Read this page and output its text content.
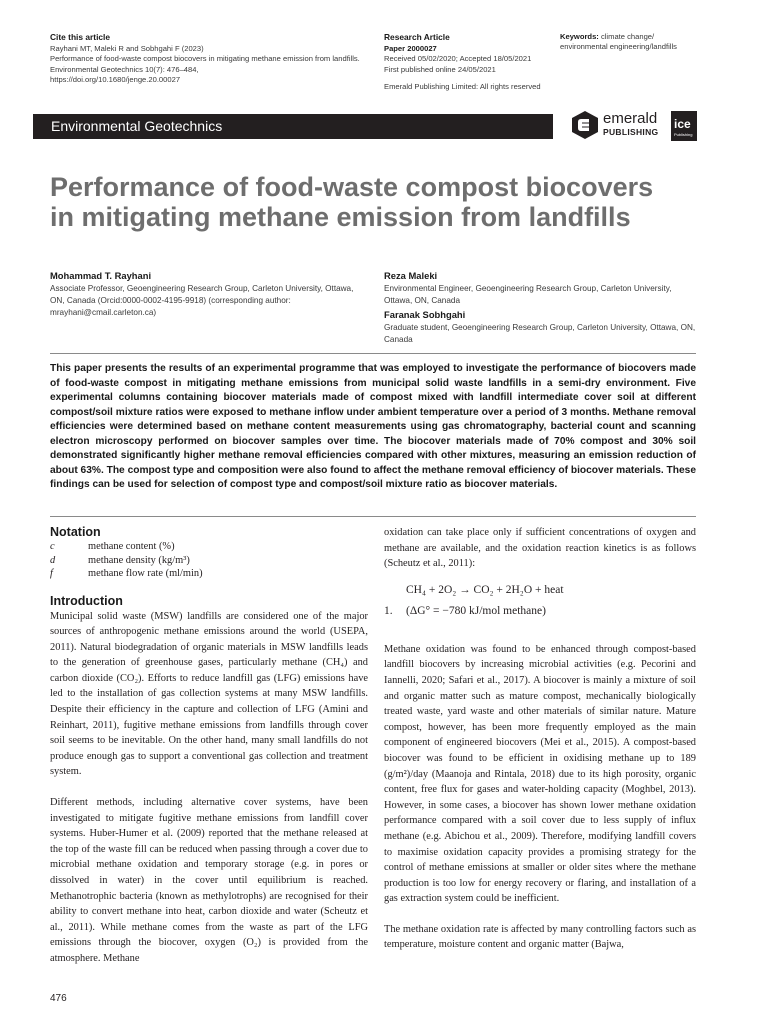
Cite this article
Rayhani MT, Maleki R and Sobhgahi F (2023)
Performance of food-waste compost biocovers in mitigating methane emission from landfills.
Environmental Geotechnics 10(7): 476–484,
https://doi.org/10.1680/jenge.20.00027
Research Article
Paper 2000027
Received 05/02/2020; Accepted 18/05/2021
First published online 24/05/2021
Emerald Publishing Limited: All rights reserved
Keywords: climate change/
environmental engineering/landfills
Environmental Geotechnics	emerald
PUBLISHING
ice
Publishing
Performance of food-waste compost biocovers in mitigating methane emission from landfills
Mohammad T. Rayhani
Associate Professor, Geoengineering Research Group, Carleton University, Ottawa, ON, Canada (Orcid:0000-0002-4195-9918) (corresponding author: mrayhani@cmail.carleton.ca)
Reza Maleki
Environmental Engineer, Geoengineering Research Group, Carleton University, Ottawa, ON, Canada
Faranak Sobhgahi
Graduate student, Geoengineering Research Group, Carleton University, Ottawa, ON, Canada
This paper presents the results of an experimental programme that was employed to investigate the performance of biocovers made of food-waste compost in mitigating methane emissions from municipal solid waste landfills in a semi-dry environment. Five experimental columns containing biocover materials made of compost mixed with landfill intermediate cover soil at different compost/soil mixture ratios were exposed to methane inflow under ambient temperature over a period of 3 months. Methane removal efficiencies were determined based on methane content measurements using gas chromatography, bacterial count and scanning electron microscopy performed on biocover samples over time. The biocover materials made of 70% compost and 30% soil demonstrated significantly higher methane removal efficiencies compared with other mixtures, measuring an emission reduction of about 63%. The compost type and composition were also found to affect the methane removal efficiency of biocover materials. These findings can be used for selection of compost type and compost/soil mixture ratio as biocover materials.
Notation
c	methane content (%)
d	methane density (kg/m³)
f	methane flow rate (ml/min)
Introduction
Municipal solid waste (MSW) landfills are considered one of the major sources of anthropogenic methane emissions around the world (USEPA, 2011). Natural biodegradation of organic materials in MSW landfills leads to the generation of greenhouse gases, particularly methane (CH₄) and carbon dioxide (CO₂). Efforts to reduce landfill gas (LFG) emissions have led to the installation of gas collection systems at many MSW landfills. Despite their efficiency in the capture and collection of LFG (Amini and Reinhart, 2011), fugitive methane emissions from landfills through cover soil seems to be inevitable. On the other hand, many small landfills do not produce enough gas to support a conventional gas collection and treatment system.
Different methods, including alternative cover systems, have been investigated to mitigate fugitive methane emissions from landfill cover systems. Huber-Humer et al. (2009) reported that the methane released at the top of the waste fill can be reduced when passing through a cover due to microbial methane oxidation and temporary storage (e.g. in pores or dissolved in water) in the cover until equilibrium is reached. Methanotrophic bacteria (known as methylotrophs) are recognised for their ability to convert methane into heat, carbon dioxide and water (Scheutz et al., 2011). While methane comes from the waste as part of the LFG emissions through the biocover, oxygen (O₂) is provided from the atmosphere. Methane
oxidation can take place only if sufficient concentrations of oxygen and methane are available, and the oxidation reaction kinetics is as follows (Scheutz et al., 2011):
CH₄ + 2O₂ → CO₂ + 2H₂O + heat
1. (ΔG° = −780 kJ/mol methane)
Methane oxidation was found to be enhanced through compost-based landfill biocovers by increasing microbial activities (e.g. Pecorini and Iannelli, 2020; Safari et al., 2017). A biocover is mainly a mixture of soil and organic matter such as mature compost, mechanically biologically treated waste, yard waste and other materials of similar nature. Mature compost, however, has been more frequently employed as the main component of engineered biocovers (Mei et al., 2015). A compost-based biocover was found to be efficient in oxidising methane up to 189 (g/m²)/day (Maanoja and Rintala, 2018) due to its high porosity, organic content, free flux for gases and water-holding capacity (Moghbel, 2013). However, in some cases, a biocover has shown lower methane oxidation performance compared with a soil cover due to less supply of influx methane (e.g. Abichou et al., 2009). Therefore, modifying landfill covers to maximise oxidation capacity provides a promising strategy for the control of methane emissions at smaller or older sites where the methane production is too low for energy recovery or flaring, and installation of a gas extraction system could be inefficient.
The methane oxidation rate is affected by many controlling factors such as temperature, moisture content and organic matter (Bajwa,
476
